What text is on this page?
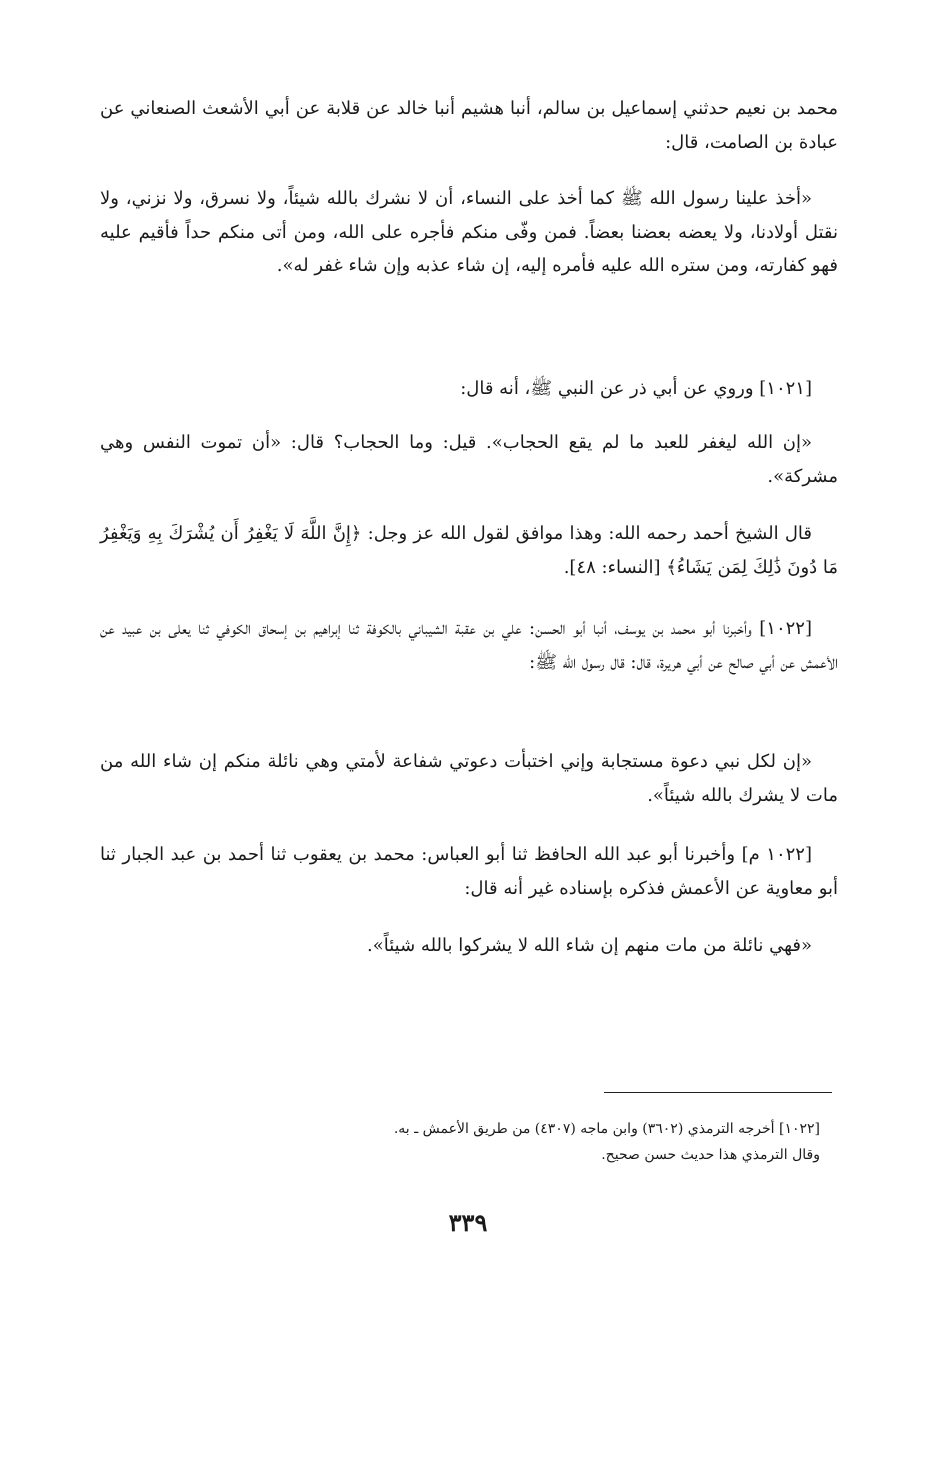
محمد بن نعيم حدثني إسماعيل بن سالم، أنبا هشيم أنبا خالد عن قلابة عن أبي الأشعث الصنعاني عن عبادة بن الصامت، قال:

«أخذ علينا رسول الله ﷺ كما أخذ على النساء، أن لا نشرك بالله شيئاً، ولا نسرق، ولا نزني، ولا نقتل أولادنا، ولا يعضه بعضنا بعضاً. فمن وفّى منكم فأجره على الله، ومن أتى منكم حداً فأقيم عليه فهو كفارته، ومن ستره الله عليه فأمره إليه، إن شاء عذبه وإن شاء غفر له».

[١٠٢١] وروي عن أبي ذر عن النبي ﷺ، أنه قال:

«إن الله ليغفر للعبد ما لم يقع الحجاب». قيل: وما الحجاب؟ قال: «أن تموت النفس وهي مشركة».

قال الشيخ أحمد رحمه الله: وهذا موافق لقول الله عز وجل: ﴿إِنَّ اللَّهَ لَا يَغْفِرُ أَن يُشْرَكَ بِهِ وَيَغْفِرُ مَا دُونَ ذَٰلِكَ لِمَن يَشَاءُ﴾ [النساء: ٤٨].

[١٠٢٢] وأخبرنا أبو محمد بن يوسف، أنبا أبو الحسن: علي بن عقبة الشيباني بالكوفة ثنا إبراهيم بن إسحاق الكوفي ثنا يعلى بن عبيد عن الأعمش عن أبي صالح عن أبي هريرة، قال: قال رسول الله ﷺ:

«إن لكل نبي دعوة مستجابة وإني اختبأت دعوتي شفاعة لأمتي وهي نائلة منكم إن شاء الله من مات لا يشرك بالله شيئاً».

[١٠٢٢ م] وأخبرنا أبو عبد الله الحافظ ثنا أبو العباس: محمد بن يعقوب ثنا أحمد بن عبد الجبار ثنا أبو معاوية عن الأعمش فذكره بإسناده غير أنه قال:

«فهي نائلة من مات منهم إن شاء الله لا يشركوا بالله شيئاً».

[١٠٢٢] أخرجه الترمذي (٣٦٠٢) وابن ماجه (٤٣٠٧) من طريق الأعمش ـ به.
وقال الترمذي هذا حديث حسن صحيح.
٣٣٩
